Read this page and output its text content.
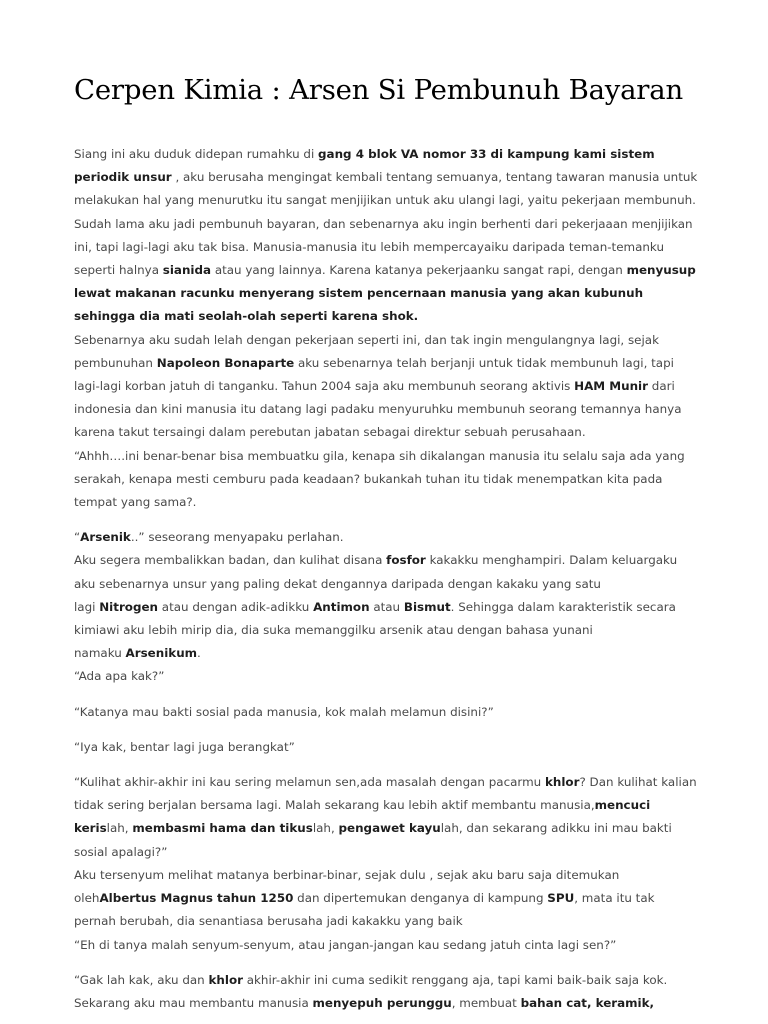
Cerpen Kimia : Arsen Si Pembunuh Bayaran

Siang ini aku duduk didepan rumahku di gang 4 blok VA nomor 33 di kampung kami sistem
periodik unsur , aku berusaha mengingat kembali tentang semuanya, tentang tawaran manusia untuk
melakukan hal yang menurutku itu sangat menjijikan untuk aku ulangi lagi, yaitu pekerjaan membunuh.
Sudah lama aku jadi pembunuh bayaran, dan sebenarnya aku ingin berhenti dari pekerjaaan menjijikan
ini, tapi lagi-lagi aku tak bisa. Manusia-manusia itu lebih mempercayaiku daripada teman-temanku
seperti halnya sianida atau yang lainnya. Karena katanya pekerjaanku sangat rapi, dengan menyusup
lewat makanan racunku menyerang sistem pencernaan manusia yang akan kubunuh
sehingga dia mati seolah-olah seperti karena shok.

Sebenarnya aku sudah lelah dengan pekerjaan seperti ini, dan tak ingin mengulangnya lagi, sejak
pembunuhan Napoleon Bonaparte aku sebenarnya telah berjanji untuk tidak membunuh lagi, tapi
lagi-lagi korban jatuh di tanganku. Tahun 2004 saja aku membunuh seorang aktivis HAM Munir dari
indonesia dan kini manusia itu datang lagi padaku menyuruhku membunuh seorang temannya hanya
karena takut tersaingi dalam perebutan jabatan sebagai direktur sebuah perusahaan.

“Ahhh….ini benar-benar bisa membuatku gila, kenapa sih dikalangan manusia itu selalu saja ada yang
serakah, kenapa mesti cemburu pada keadaan? bukankah tuhan itu tidak menempatkan kita pada
tempat yang sama?.

“Arsenik..” seseorang menyapaku perlahan.

Aku segera membalikkan badan, dan kulihat disana fosfor kakakku menghampiri. Dalam keluargaku
aku sebenarnya unsur yang paling dekat dengannya daripada dengan kakaku yang satu
lagi Nitrogen atau dengan adik-adikku Antimon atau Bismut. Sehingga dalam karakteristik secara
kimiawi aku lebih mirip dia, dia suka memanggilku arsenik atau dengan bahasa yunani
namaku Arsenikum.

“Ada apa kak?”

“Katanya mau bakti sosial pada manusia, kok malah melamun disini?”

“Iya kak, bentar lagi juga berangkat”

“Kulihat akhir-akhir ini kau sering melamun sen,ada masalah dengan pacarmu khlor? Dan kulihat kalian
tidak sering berjalan bersama lagi. Malah sekarang kau lebih aktif membantu manusia,mencuci
kerislah, membasmi hama dan tikuslah, pengawet kayulah, dan sekarang adikku ini mau bakti
sosial apalagi?”

Aku tersenyum melihat matanya berbinar-binar, sejak dulu , sejak aku baru saja ditemukan
olehAlbertus Magnus tahun 1250 dan dipertemukan denganya di kampung SPU, mata itu tak
pernah berubah, dia senantiasa berusaha jadi kakakku yang baik

“Eh di tanya malah senyum-senyum, atau jangan-jangan kau sedang jatuh cinta lagi sen?”

“Gak lah kak, aku dan khlor akhir-akhir ini cuma sedikit renggang aja, tapi kami baik-baik saja kok.
Sekarang aku mau membantu manusia menyepuh perunggu, membuat bahan cat, keramik,
